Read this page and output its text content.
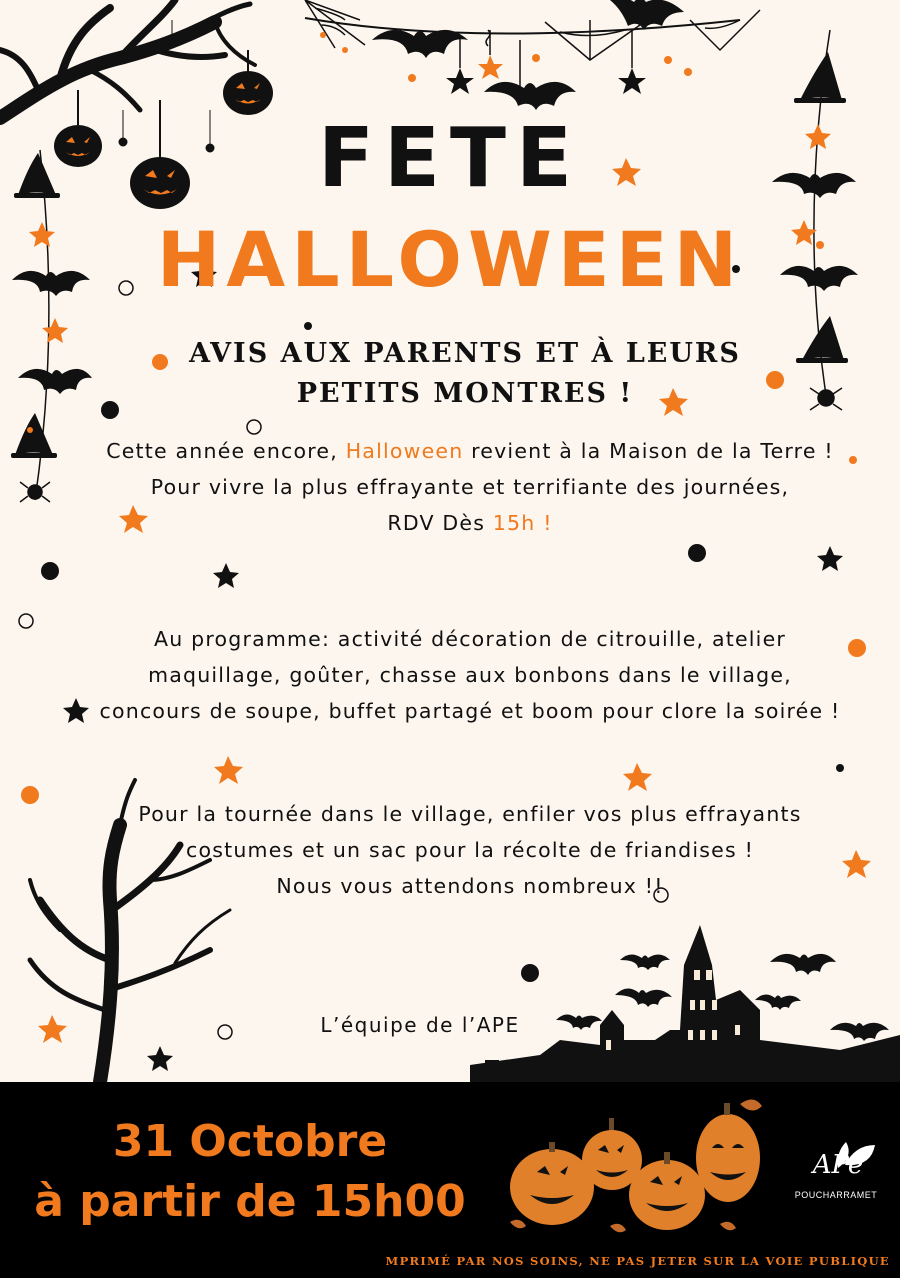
FETE
HALLOWEEN
AVIS AUX PARENTS ET À LEURS
PETITS MONTRES !
Cette année encore, Halloween revient à la Maison de la Terre ! Pour vivre la plus effrayante et terrifiante des journées,
RDV Dès 15h !
Au programme: activité décoration de citrouille, atelier maquillage, goûter, chasse aux bonbons dans le village, concours de soupe, buffet partagé et boom pour clore la soirée !
Pour la tournée dans le village, enfiler vos plus effrayants costumes et un sac pour la récolte de friandises !
Nous vous attendons nombreux !!
L’équipe de l’APE
31 Octobre
à partir de 15h00
APe
POUCHARRAMET
MPRIMÉ PAR NOS SOINS, NE PAS JETER SUR LA VOIE PUBLIQUE
